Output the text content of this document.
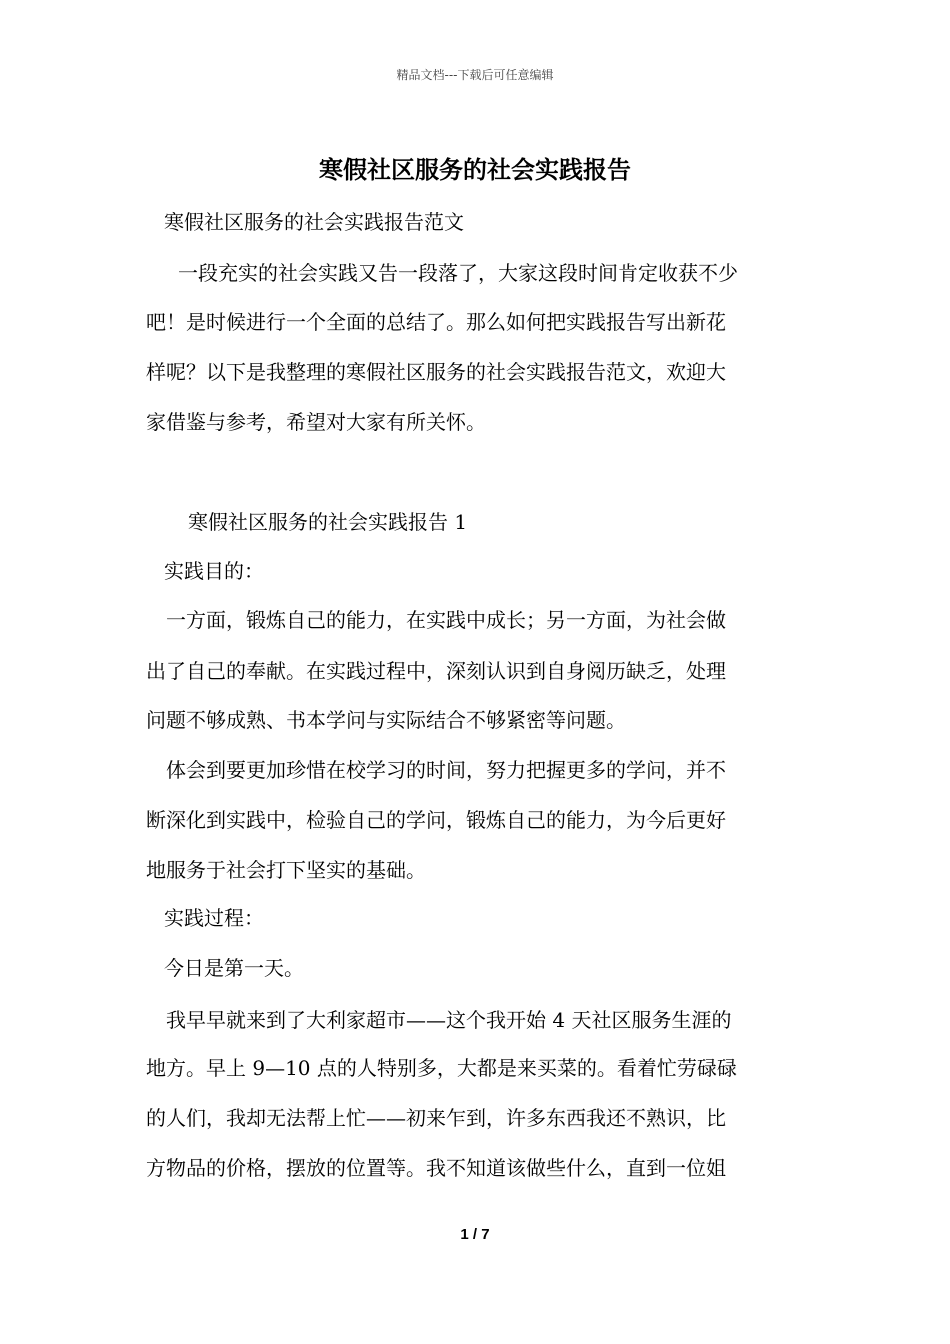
精品文档---下载后可任意编辑
寒假社区服务的社会实践报告
寒假社区服务的社会实践报告范文
一段充实的社会实践又告一段落了，大家这段时间肯定收获不少
吧！是时候进行一个全面的总结了。那么如何把实践报告写出新花
样呢？以下是我整理的寒假社区服务的社会实践报告范文，欢迎大
家借鉴与参考，希望对大家有所关怀。
寒假社区服务的社会实践报告 1
实践目的：
一方面，锻炼自己的能力，在实践中成长；另一方面，为社会做
出了自己的奉献。在实践过程中，深刻认识到自身阅历缺乏，处理
问题不够成熟、书本学问与实际结合不够紧密等问题。
体会到要更加珍惜在校学习的时间，努力把握更多的学问，并不
断深化到实践中，检验自己的学问，锻炼自己的能力，为今后更好
地服务于社会打下坚实的基础。
实践过程：
今日是第一天。
我早早就来到了大利家超市——这个我开始 4 天社区服务生涯的
地方。早上 9—10 点的人特别多，大都是来买菜的。看着忙劳碌碌
的人们，我却无法帮上忙——初来乍到，许多东西我还不熟识，比
方物品的价格，摆放的位置等。我不知道该做些什么，直到一位姐
1 / 7
